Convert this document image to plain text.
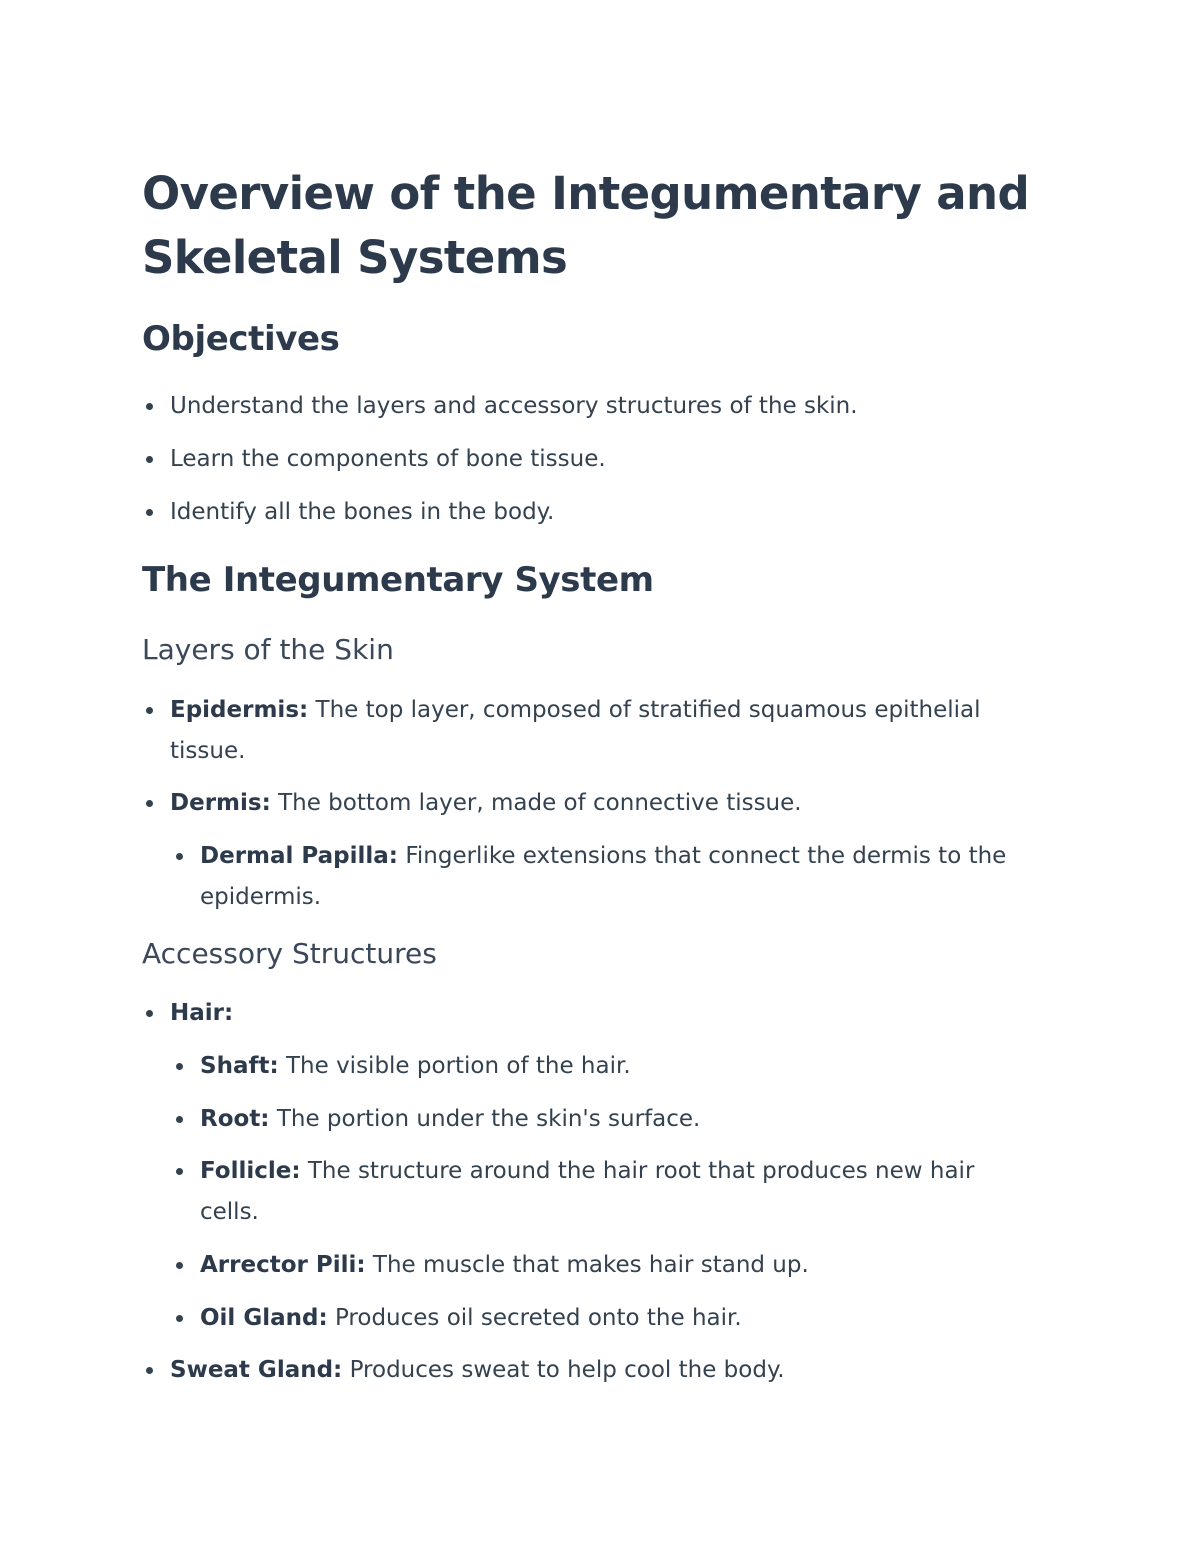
Overview of the Integumentary and Skeletal Systems
Objectives
Understand the layers and accessory structures of the skin.
Learn the components of bone tissue.
Identify all the bones in the body.
The Integumentary System
Layers of the Skin
Epidermis: The top layer, composed of stratified squamous epithelial tissue.
Dermis: The bottom layer, made of connective tissue.
Dermal Papilla: Fingerlike extensions that connect the dermis to the epidermis.
Accessory Structures
Hair:
Shaft: The visible portion of the hair.
Root: The portion under the skin's surface.
Follicle: The structure around the hair root that produces new hair cells.
Arrector Pili: The muscle that makes hair stand up.
Oil Gland: Produces oil secreted onto the hair.
Sweat Gland: Produces sweat to help cool the body.
